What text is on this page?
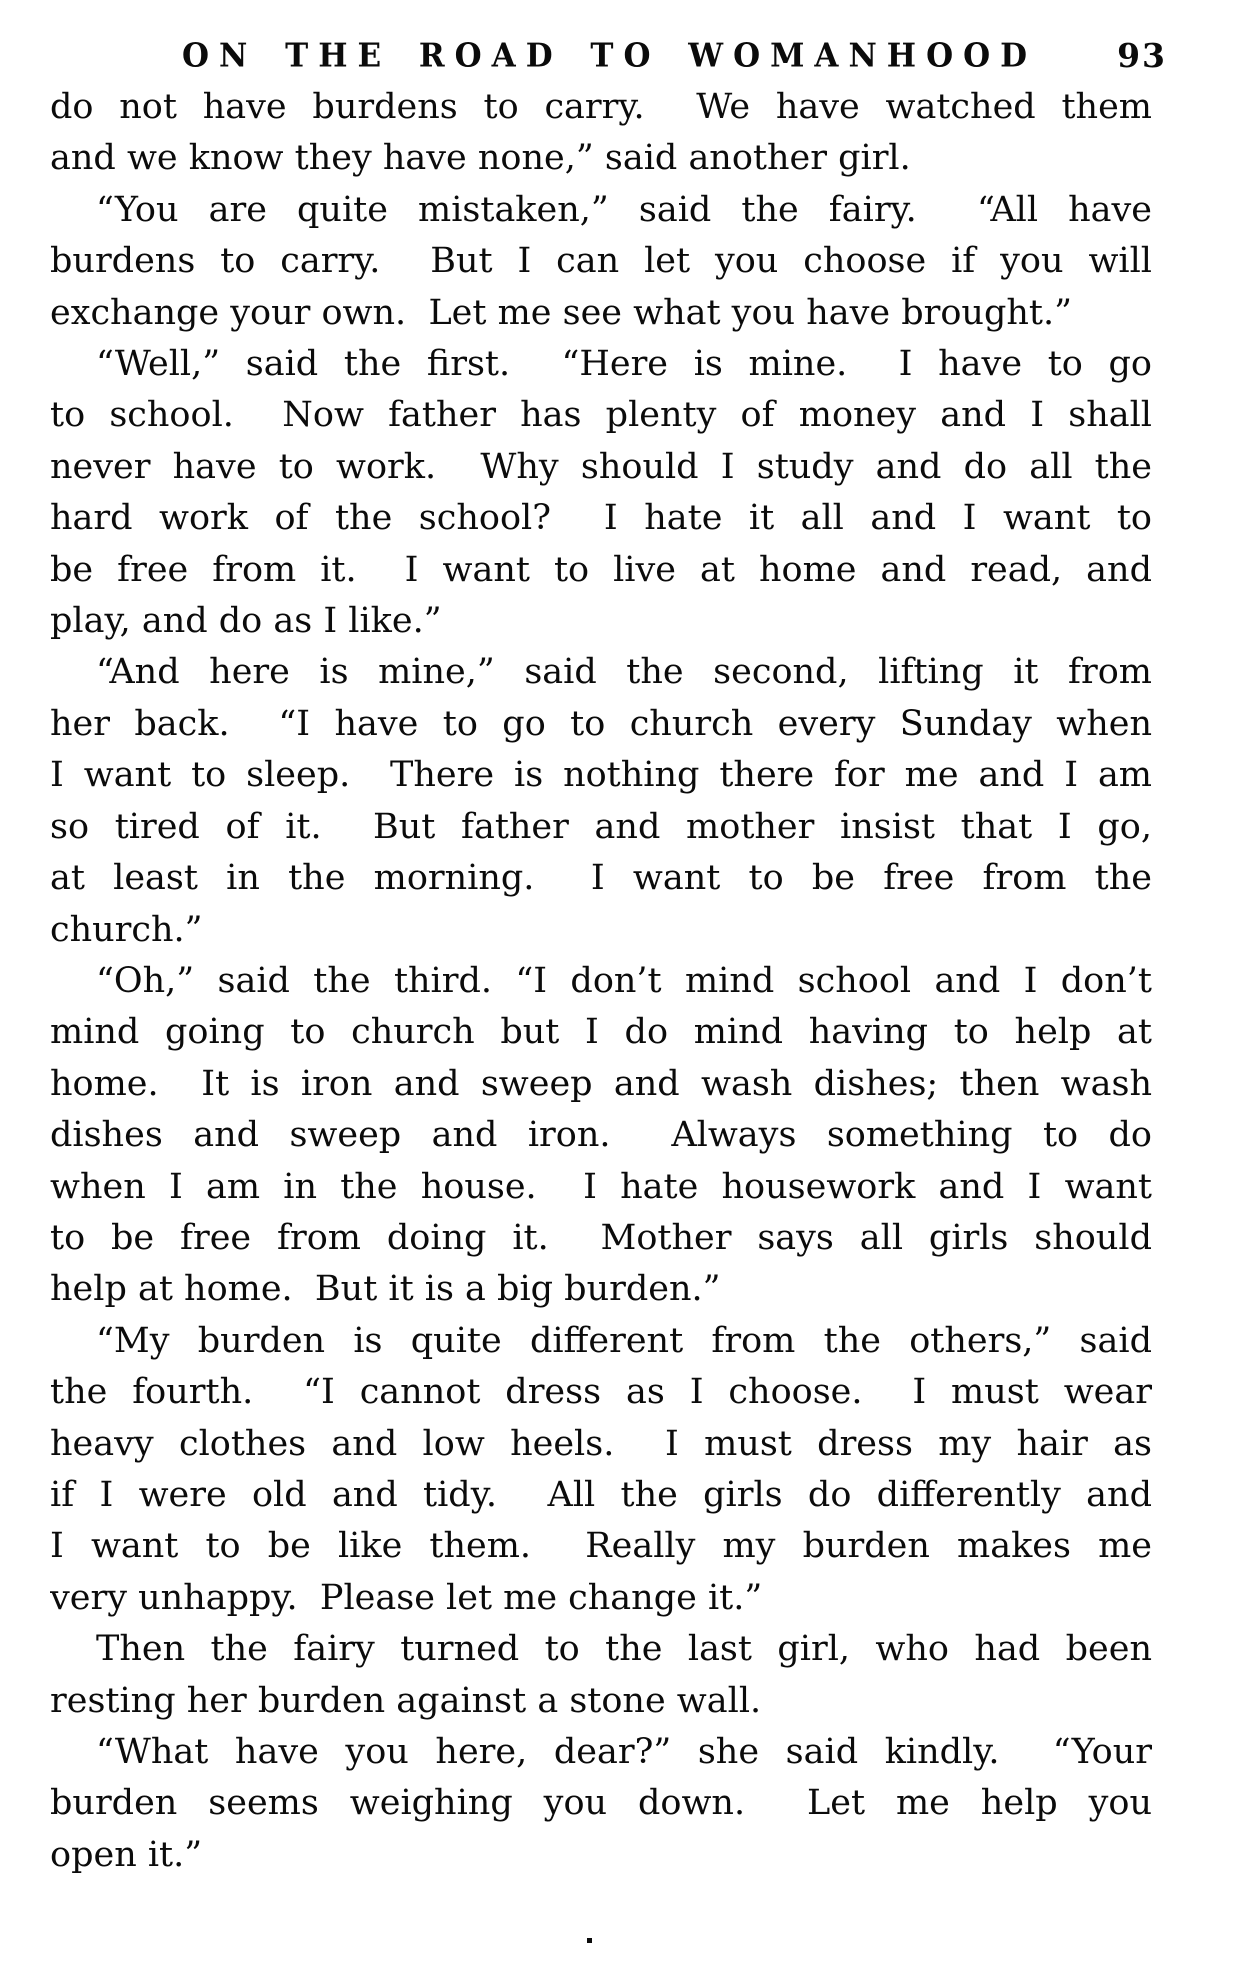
ON THE ROAD TO WOMANHOOD 93
do not have burdens to carry.  We have watched them
and we know they have none,” said another girl.
“You are quite mistaken,” said the fairy.  “All have
burdens to carry.  But I can let you choose if you will
exchange your own.  Let me see what you have brought.”
“Well,” said the first.  “Here is mine.  I have to go
to school.  Now father has plenty of money and I shall
never have to work.  Why should I study and do all the
hard work of the school?  I hate it all and I want to
be free from it.  I want to live at home and read, and
play, and do as I like.”
“And here is mine,” said the second, lifting it from
her back.  “I have to go to church every Sunday when
I want to sleep.  There is nothing there for me and I am
so tired of it.  But father and mother insist that I go,
at least in the morning.  I want to be free from the
church.”
“Oh,” said the third. “I don’t mind school and I don’t
mind going to church but I do mind having to help at
home.  It is iron and sweep and wash dishes; then wash
dishes and sweep and iron.  Always something to do
when I am in the house.  I hate housework and I want
to be free from doing it.  Mother says all girls should
help at home.  But it is a big burden.”
“My burden is quite different from the others,” said
the fourth.  “I cannot dress as I choose.  I must wear
heavy clothes and low heels.  I must dress my hair as
if I were old and tidy.  All the girls do differently and
I want to be like them.  Really my burden makes me
very unhappy.  Please let me change it.”
Then the fairy turned to the last girl, who had been
resting her burden against a stone wall.
“What have you here, dear?” she said kindly.  “Your
burden seems weighing you down.  Let me help you
open it.”
